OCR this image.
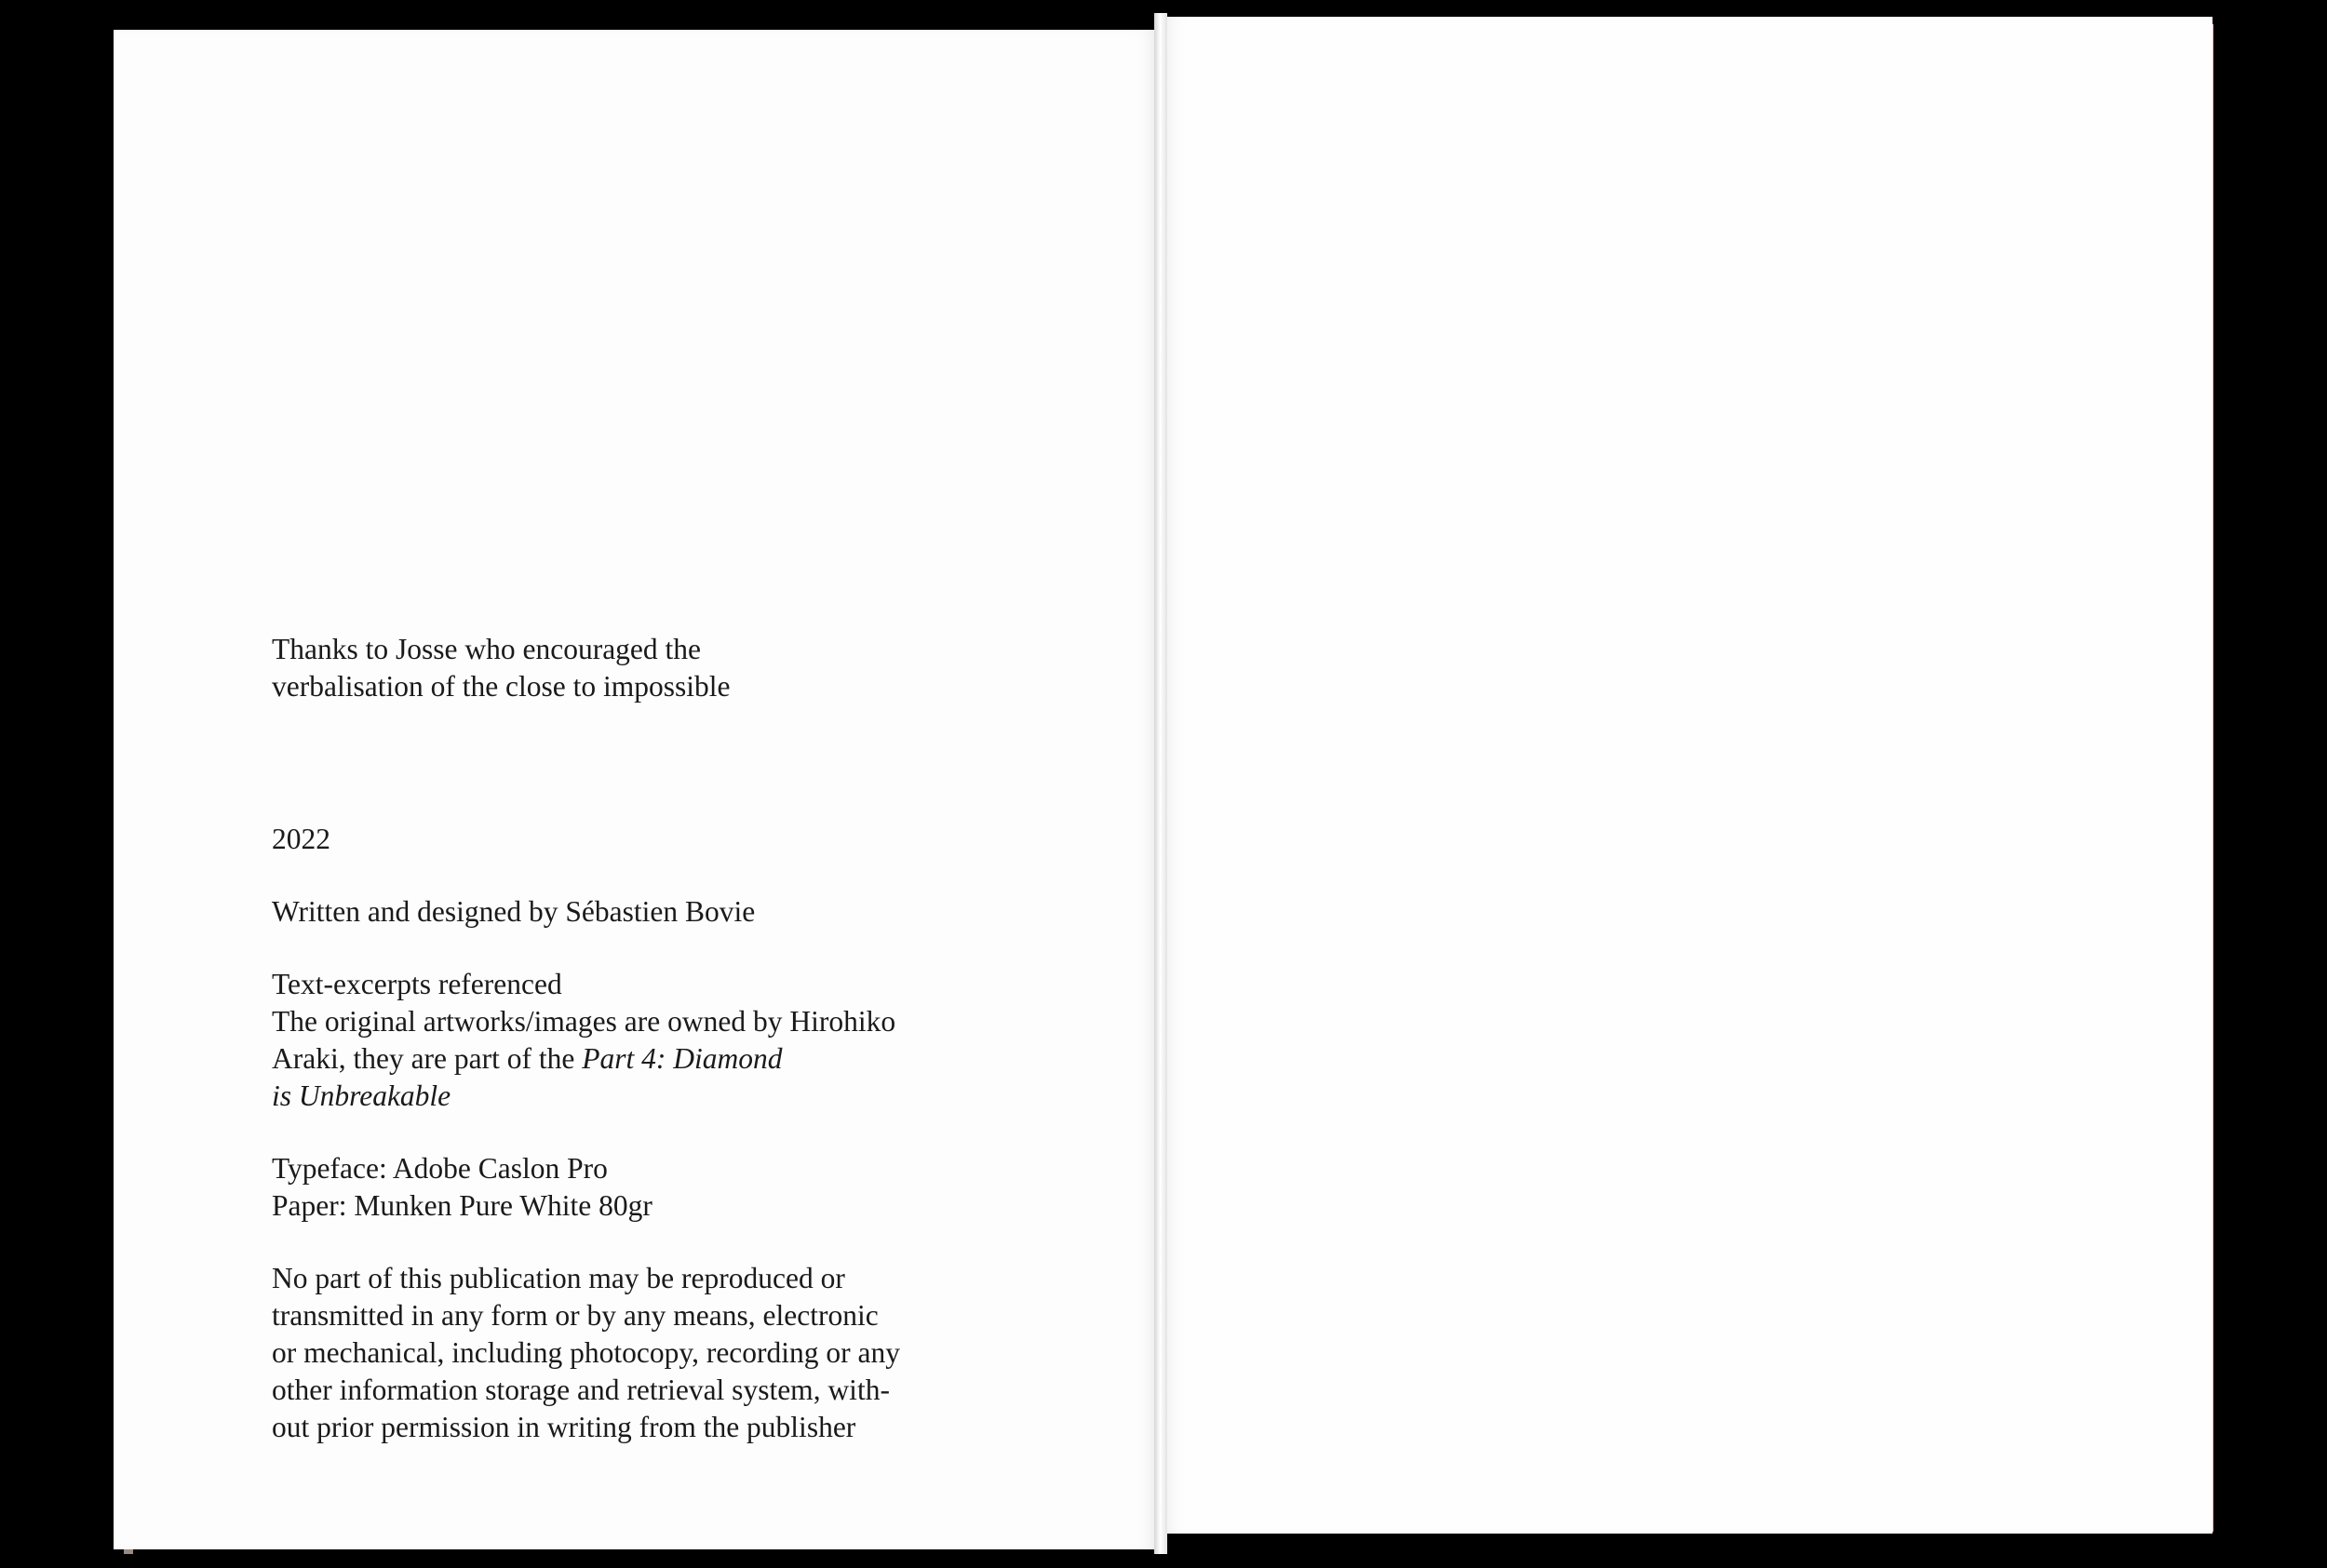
Thanks to Josse who encouraged the

verbalisation of the close to impossible

2022

Written and designed by Sébastien Bovie

Text-excerpts referenced

The original artworks/images are owned by Hirohiko

Araki, they are part of the Part 4: Diamond

is Unbreakable

Typeface: Adobe Caslon Pro

Paper: Munken Pure White 80gr

No part of this publication may be reproduced or

transmitted in any form or by any means, electronic

or mechanical, including photocopy, recording or any

other information storage and retrieval system, with-

out prior permission in writing from the publisher
